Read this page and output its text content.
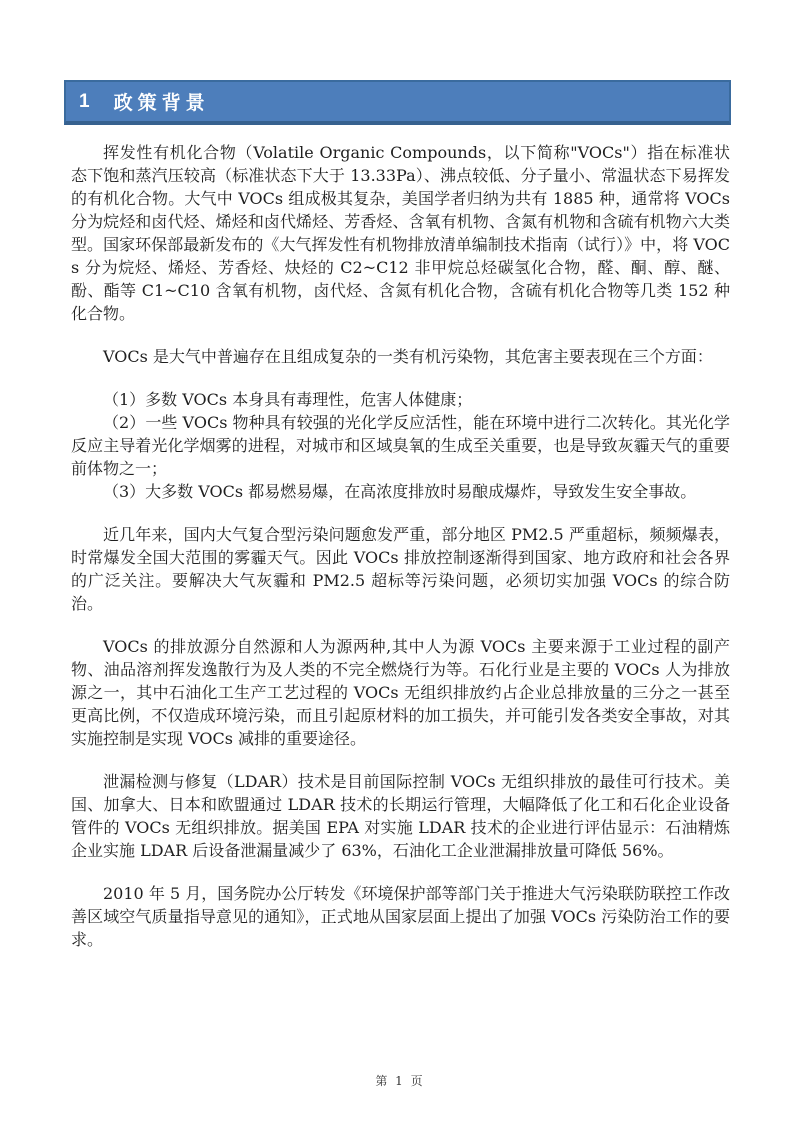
1 政策背景

挥发性有机化合物（Volatile Organic Compounds，以下简称"VOCs"）指在标准状态下饱和蒸汽压较高（标准状态下大于 13.33Pa）、沸点较低、分子量小、常温状态下易挥发的有机化合物。大气中 VOCs 组成极其复杂，美国学者归纳为共有 1885 种，通常将 VOCs 分为烷烃和卤代烃、烯烃和卤代烯烃、芳香烃、含氧有机物、含氮有机物和含硫有机物六大类型。国家环保部最新发布的《大气挥发性有机物排放清单编制技术指南（试行）》中，将 VOCs 分为烷烃、烯烃、芳香烃、炔烃的 C2~C12 非甲烷总烃碳氢化合物，醛、酮、醇、醚、酚、酯等 C1~C10 含氧有机物，卤代烃、含氮有机化合物，含硫有机化合物等几类 152 种化合物。

VOCs 是大气中普遍存在且组成复杂的一类有机污染物，其危害主要表现在三个方面：

（1）多数 VOCs 本身具有毒理性，危害人体健康；

（2）一些 VOCs 物种具有较强的光化学反应活性，能在环境中进行二次转化。其光化学反应主导着光化学烟雾的进程，对城市和区域臭氧的生成至关重要，也是导致灰霾天气的重要前体物之一；

（3）大多数 VOCs 都易燃易爆，在高浓度排放时易酿成爆炸，导致发生安全事故。

近几年来，国内大气复合型污染问题愈发严重，部分地区 PM2.5 严重超标，频频爆表，时常爆发全国大范围的雾霾天气。因此 VOCs 排放控制逐渐得到国家、地方政府和社会各界的广泛关注。要解决大气灰霾和 PM2.5 超标等污染问题，必须切实加强 VOCs 的综合防治。

VOCs 的排放源分自然源和人为源两种,其中人为源 VOCs 主要来源于工业过程的副产物、油品溶剂挥发逸散行为及人类的不完全燃烧行为等。石化行业是主要的 VOCs 人为排放源之一，其中石油化工生产工艺过程的 VOCs 无组织排放约占企业总排放量的三分之一甚至更高比例，不仅造成环境污染，而且引起原材料的加工损失，并可能引发各类安全事故，对其实施控制是实现 VOCs 减排的重要途径。

泄漏检测与修复（LDAR）技术是目前国际控制 VOCs 无组织排放的最佳可行技术。美国、加拿大、日本和欧盟通过 LDAR 技术的长期运行管理，大幅降低了化工和石化企业设备管件的 VOCs 无组织排放。据美国 EPA 对实施 LDAR 技术的企业进行评估显示：石油精炼企业实施 LDAR 后设备泄漏量减少了 63%，石油化工企业泄漏排放量可降低 56%。

2010 年 5 月，国务院办公厅转发《环境保护部等部门关于推进大气污染联防联控工作改善区域空气质量指导意见的通知》，正式地从国家层面上提出了加强 VOCs 污染防治工作的要求。

第 1 页
